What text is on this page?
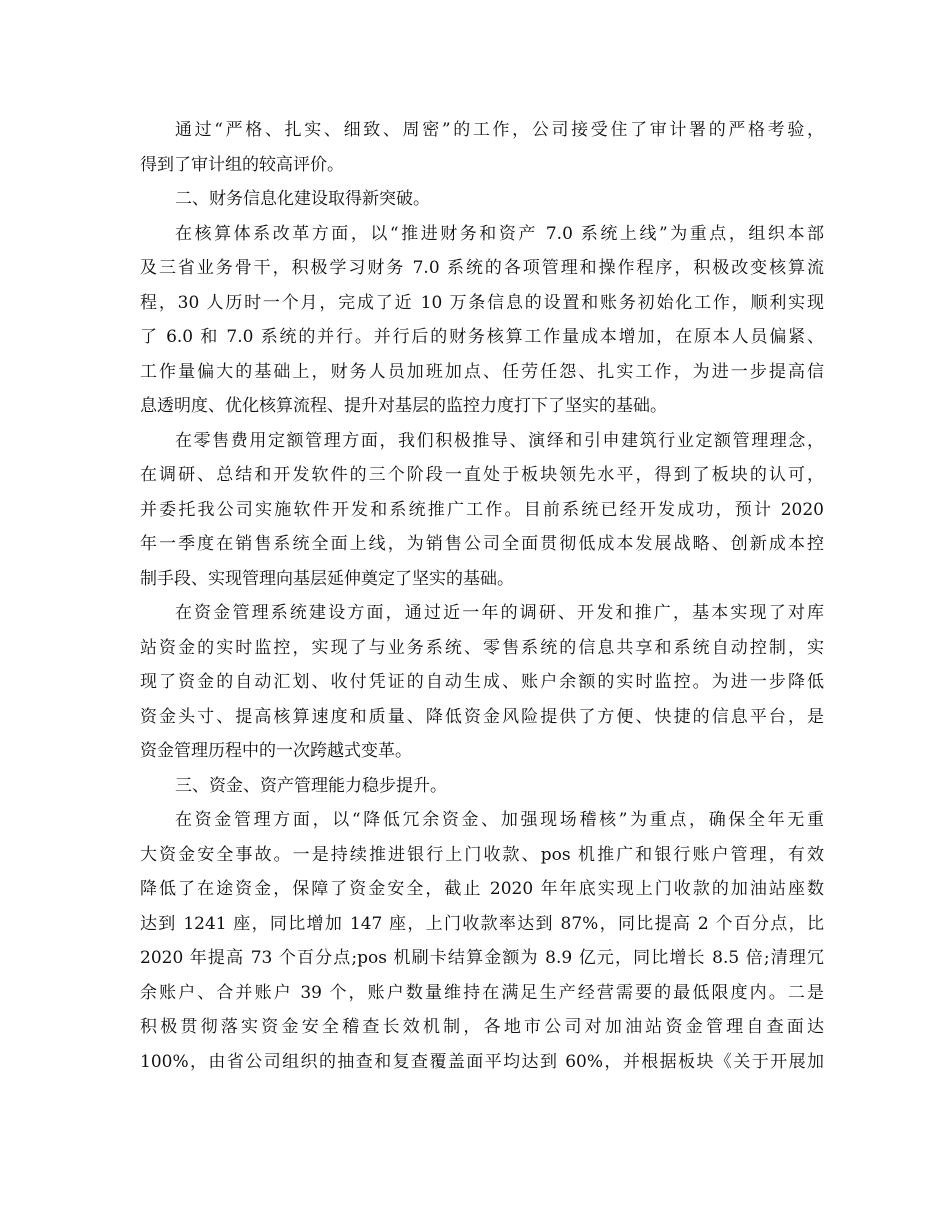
通过“严格、扎实、细致、周密”的工作，公司接受住了审计署的严格考验，
得到了审计组的较高评价。
二、财务信息化建设取得新突破。
在核算体系改革方面，以“推进财务和资产 7.0 系统上线”为重点，组织本部
及三省业务骨干，积极学习财务 7.0 系统的各项管理和操作程序，积极改变核算流
程，30 人历时一个月，完成了近 10 万条信息的设置和账务初始化工作，顺利实现
了 6.0 和 7.0 系统的并行。并行后的财务核算工作量成本增加，在原本人员偏紧、
工作量偏大的基础上，财务人员加班加点、任劳任怨、扎实工作，为进一步提高信
息透明度、优化核算流程、提升对基层的监控力度打下了坚实的基础。
在零售费用定额管理方面，我们积极推导、演绎和引申建筑行业定额管理理念，
在调研、总结和开发软件的三个阶段一直处于板块领先水平，得到了板块的认可，
并委托我公司实施软件开发和系统推广工作。目前系统已经开发成功，预计 2020
年一季度在销售系统全面上线，为销售公司全面贯彻低成本发展战略、创新成本控
制手段、实现管理向基层延伸奠定了坚实的基础。
在资金管理系统建设方面，通过近一年的调研、开发和推广，基本实现了对库
站资金的实时监控，实现了与业务系统、零售系统的信息共享和系统自动控制，实
现了资金的自动汇划、收付凭证的自动生成、账户余额的实时监控。为进一步降低
资金头寸、提高核算速度和质量、降低资金风险提供了方便、快捷的信息平台，是
资金管理历程中的一次跨越式变革。
三、资金、资产管理能力稳步提升。
在资金管理方面，以“降低冗余资金、加强现场稽核”为重点，确保全年无重
大资金安全事故。一是持续推进银行上门收款、pos 机推广和银行账户管理，有效
降低了在途资金，保障了资金安全，截止 2020 年年底实现上门收款的加油站座数
达到 1241 座，同比增加 147 座，上门收款率达到 87%，同比提高 2 个百分点，比
2020 年提高 73 个百分点;pos 机刷卡结算金额为 8.9 亿元，同比增长 8.5 倍;清理冗
余账户、合并账户 39 个，账户数量维持在满足生产经营需要的最低限度内。二是
积极贯彻落实资金安全稽查长效机制，各地市公司对加油站资金管理自查面达
100%，由省公司组织的抽查和复查覆盖面平均达到 60%，并根据板块《关于开展加
